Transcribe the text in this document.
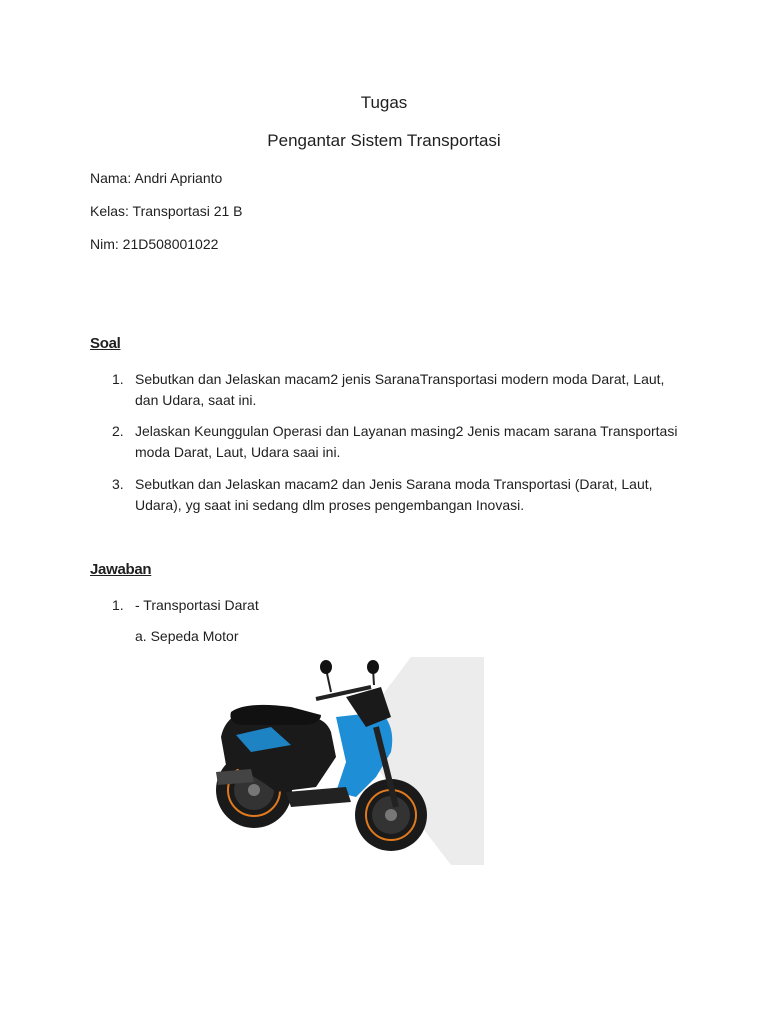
Tugas
Pengantar Sistem Transportasi
Nama: Andri Aprianto
Kelas: Transportasi 21 B
Nim: 21D508001022
Soal
1. Sebutkan dan Jelaskan macam2 jenis SaranaTransportasi modern moda Darat, Laut,
dan Udara, saat ini.
2. Jelaskan Keunggulan Operasi dan Layanan masing2 Jenis macam sarana Transportasi
moda Darat, Laut, Udara saai ini.
3. Sebutkan dan Jelaskan macam2 dan Jenis Sarana moda Transportasi (Darat, Laut,
Udara), yg saat ini sedang dlm proses pengembangan Inovasi.
Jawaban
1. - Transportasi Darat
a. Sepeda Motor
